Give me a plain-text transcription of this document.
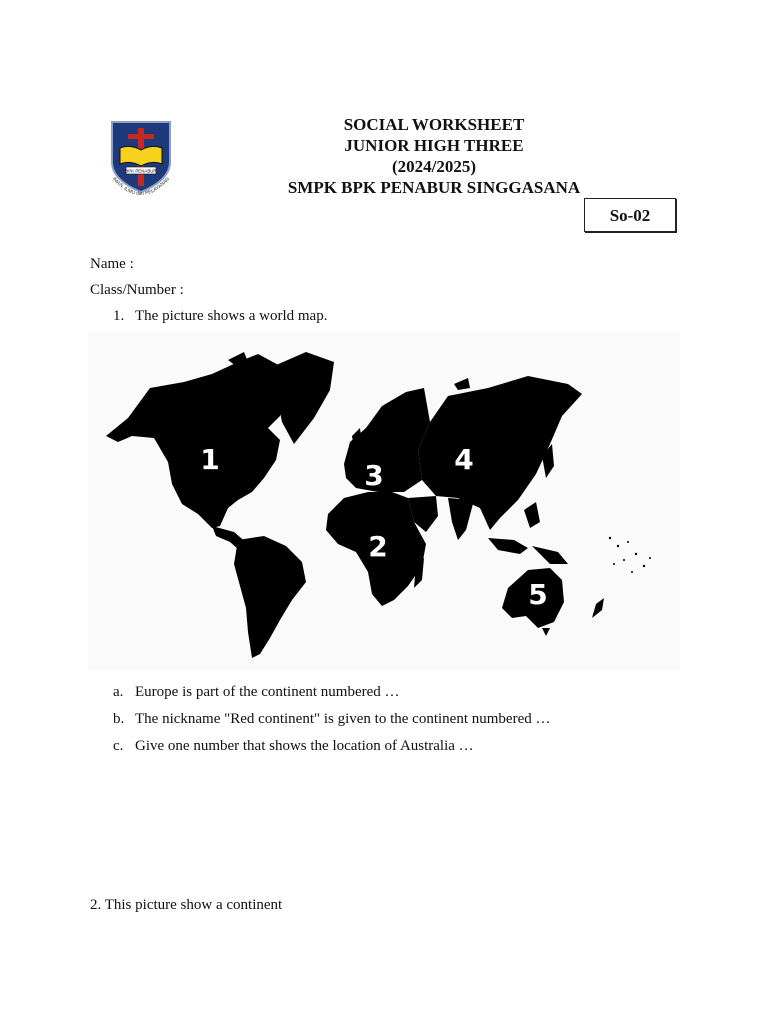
BPK PENABUR
IMAN, ILMU dan PELAYANAN
SOCIAL WORKSHEET
JUNIOR HIGH THREE
(2024/2025)
SMPK BPK PENABUR SINGGASANA
So-02
Name :
Class/Number :
1. The picture shows a world map.
1
2
3	4
5
a. Europe is part of the continent numbered …
b. The nickname "Red continent" is given to the continent numbered …
c. Give one number that shows the location of Australia …
2. This picture show a continent
